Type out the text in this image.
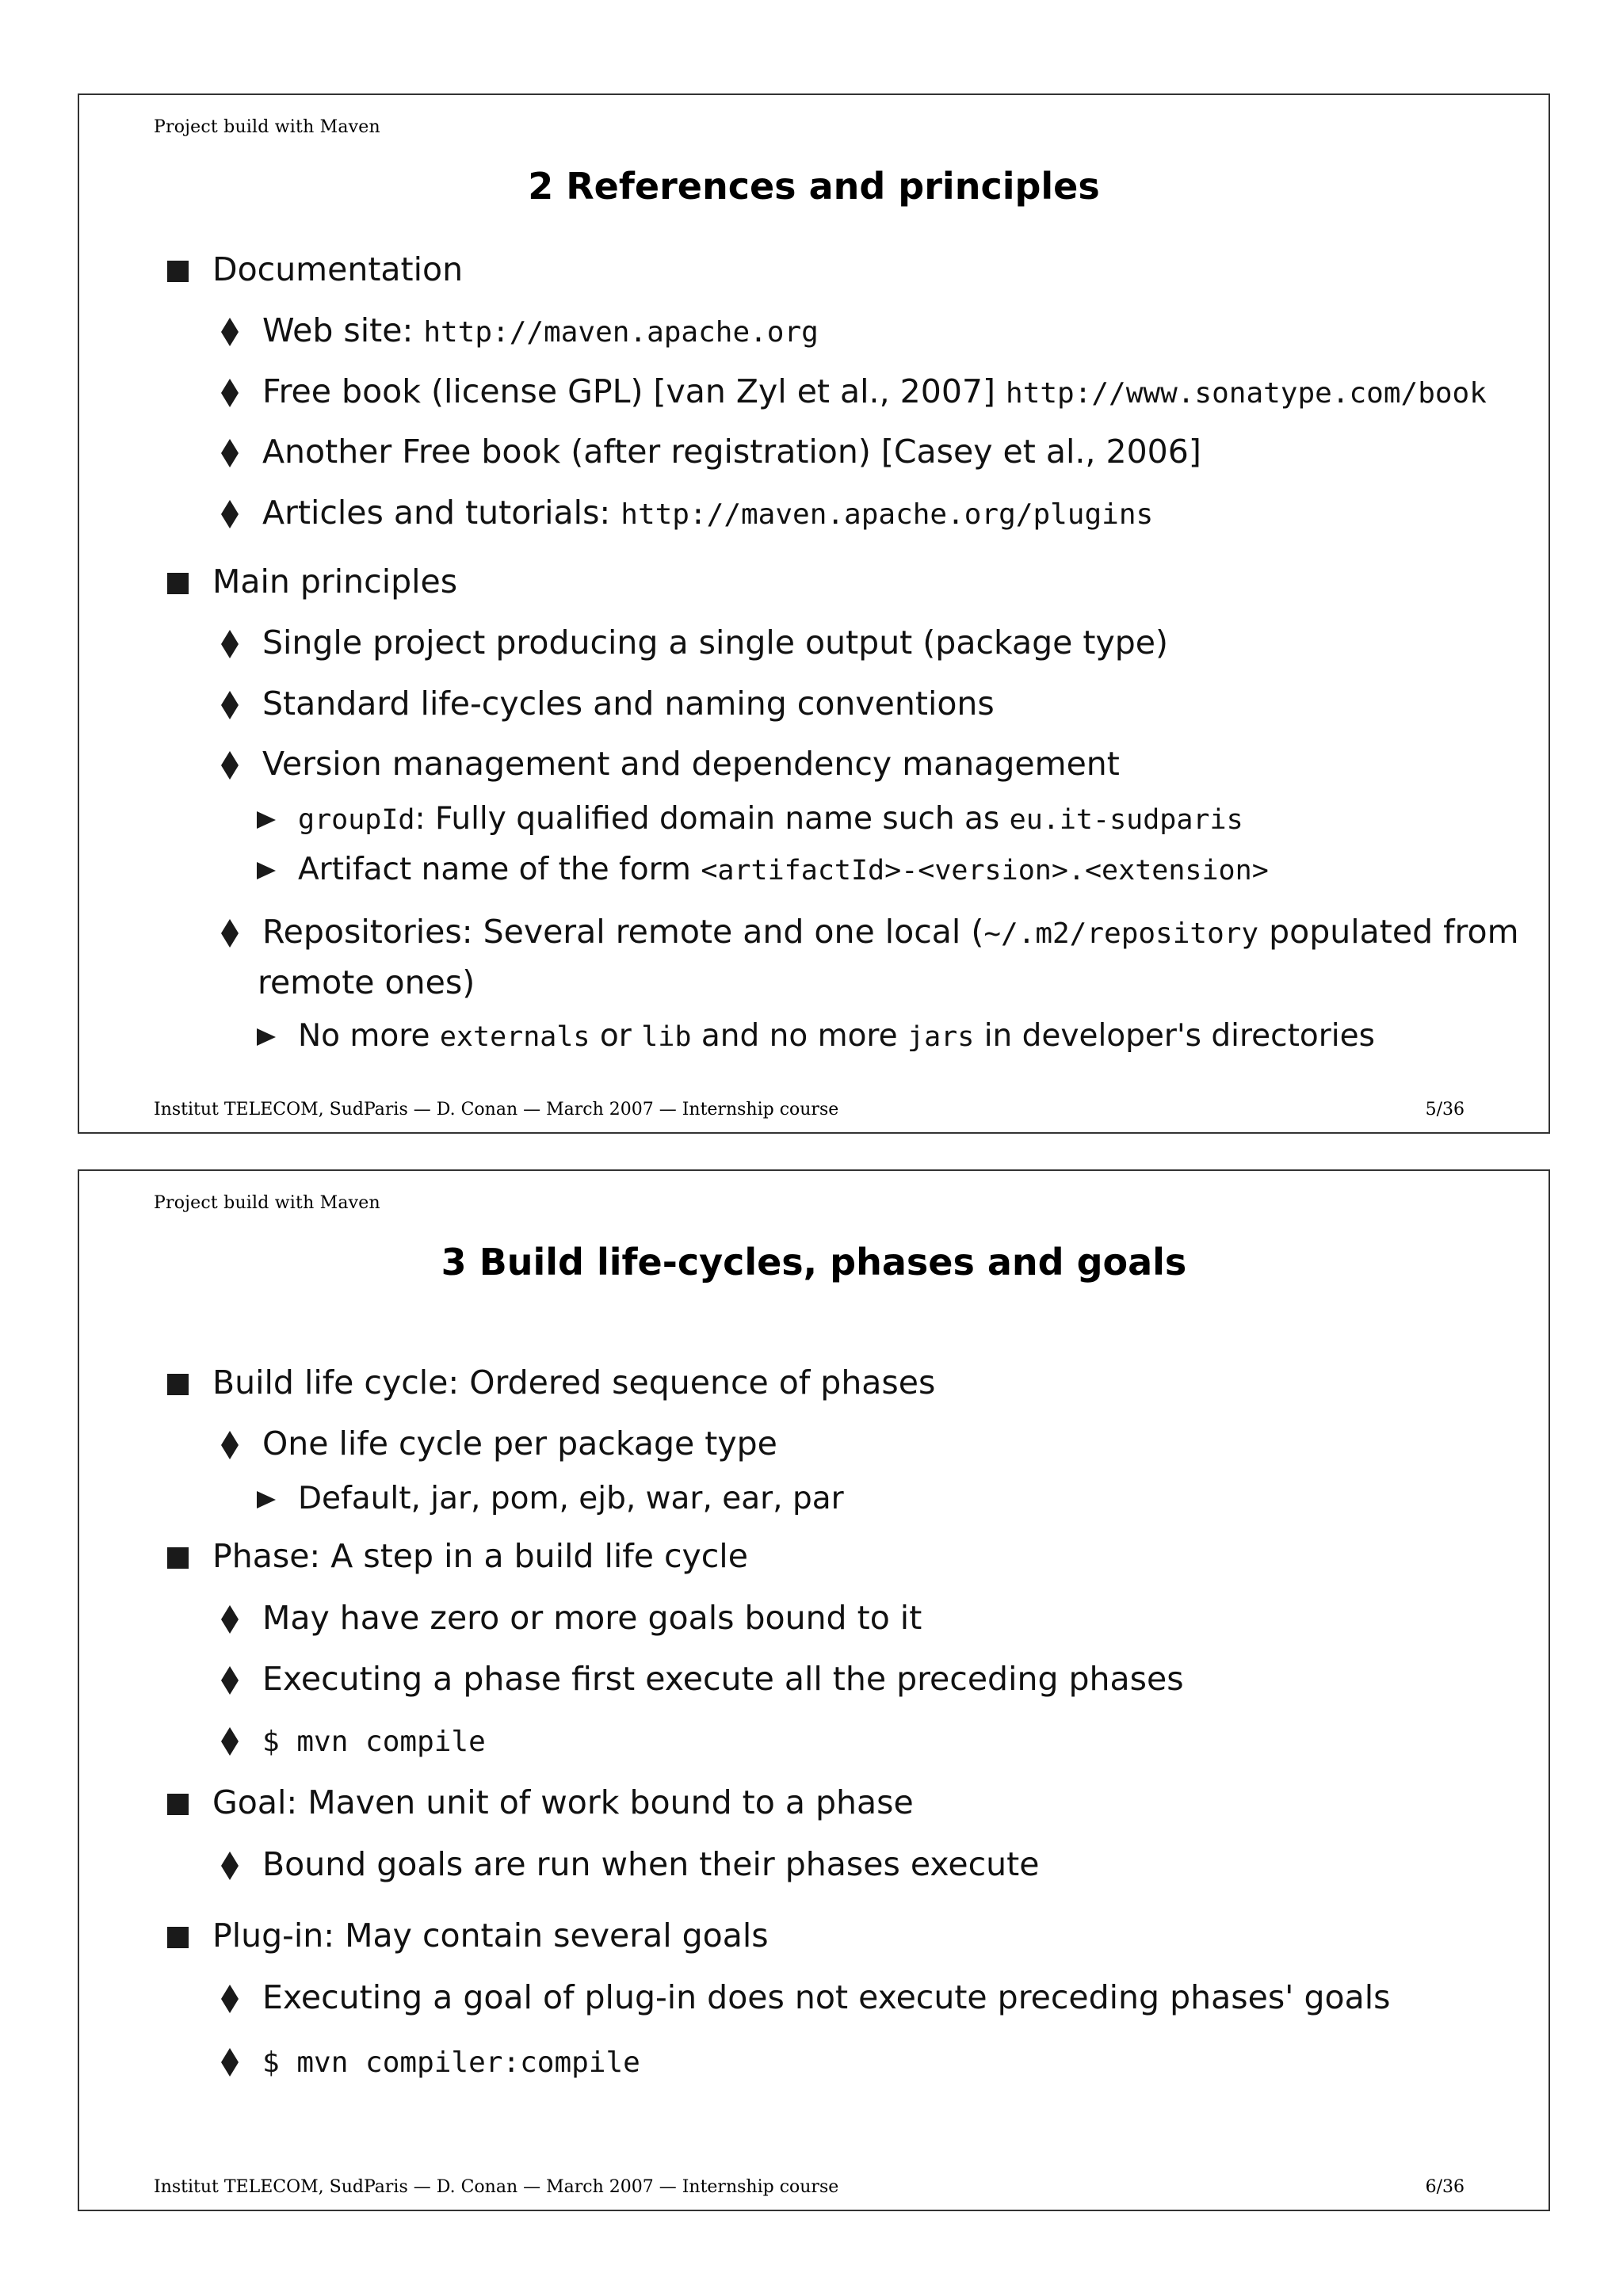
Project build with Maven
2 References and principles
Documentation
Web site: http://maven.apache.org
Free book (license GPL) [van Zyl et al., 2007] http://www.sonatype.com/book
Another Free book (after registration) [Casey et al., 2006]
Articles and tutorials: http://maven.apache.org/plugins
Main principles
Single project producing a single output (package type)
Standard life-cycles and naming conventions
Version management and dependency management
groupId: Fully qualified domain name such as eu.it-sudparis
Artifact name of the form <artifactId>-<version>.<extension>
Repositories: Several remote and one local (~/.m2/repository populated from
remote ones)
No more externals or lib and no more jars in developer's directories
Institut TELECOM, SudParis — D. Conan — March 2007 — Internship course	5/36
Project build with Maven
3 Build life-cycles, phases and goals
Build life cycle: Ordered sequence of phases
One life cycle per package type
Default, jar, pom, ejb, war, ear, par
Phase: A step in a build life cycle
May have zero or more goals bound to it
Executing a phase first execute all the preceding phases
$ mvn compile
Goal: Maven unit of work bound to a phase
Bound goals are run when their phases execute
Plug-in: May contain several goals
Executing a goal of plug-in does not execute preceding phases' goals
$ mvn compiler:compile
Institut TELECOM, SudParis — D. Conan — March 2007 — Internship course	6/36
